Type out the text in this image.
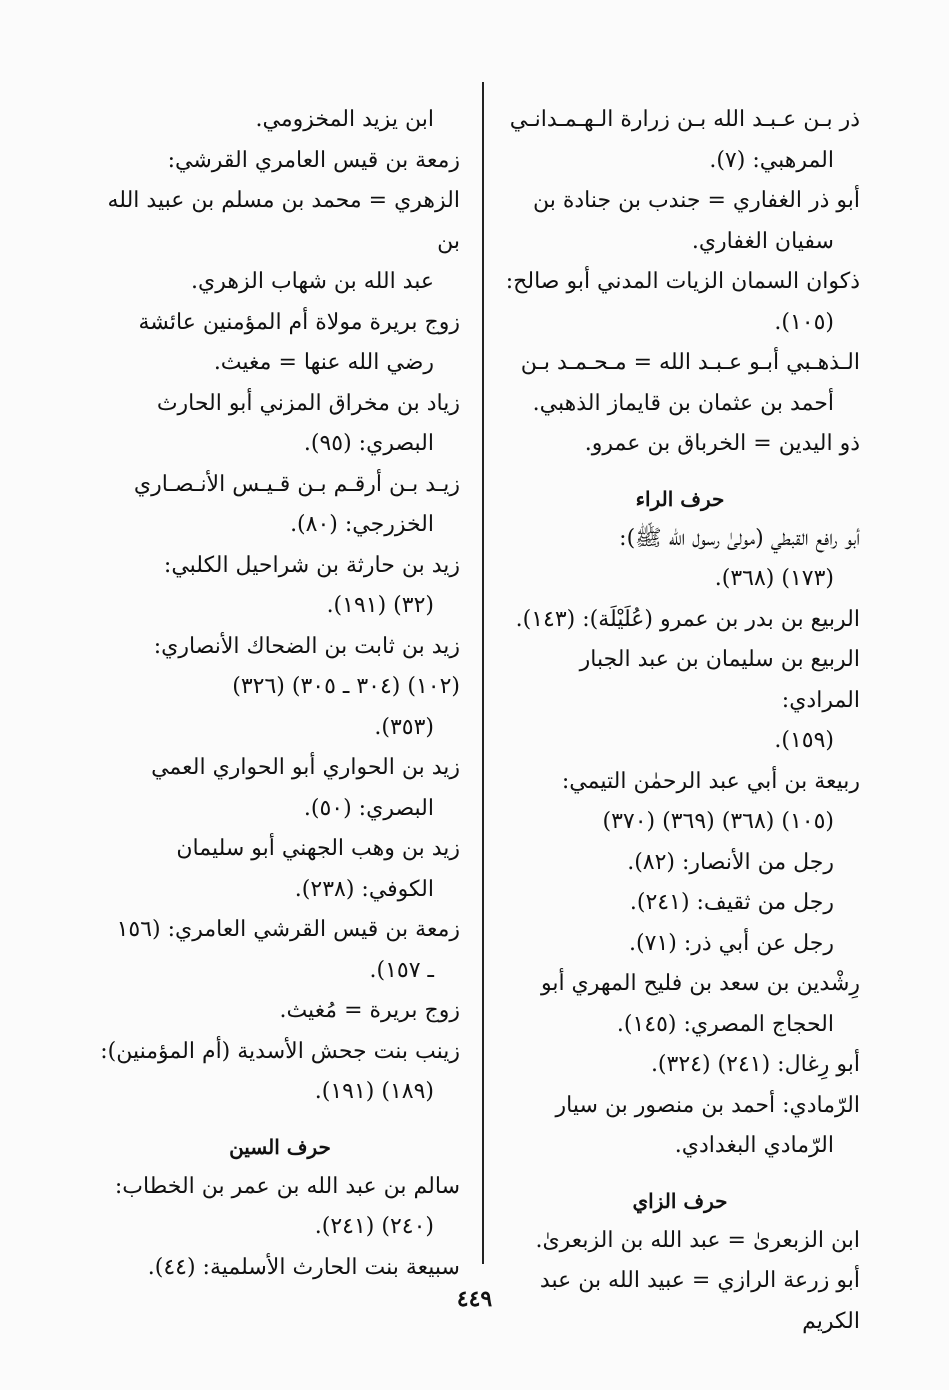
ذر بـن عـبـد الله بـن زرارة الـهـمـدانـي
المرهبي: (٧).
أبو ذر الغفاري = جندب بن جنادة بن
سفيان الغفاري.
ذكوان السمان الزيات المدني أبو صالح:
(١٠٥).
الـذهـبي أبـو عـبـد الله = مـحـمـد بـن
أحمد بن عثمان بن قايماز الذهبي.
ذو اليدين = الخرباق بن عمرو.
حرف الراء
أبو رافع القبطي (مولىٰ رسول الله ﷺ):
(١٧٣) (٣٦٨).
الربيع بن بدر بن عمرو (عُلَيْلَة): (١٤٣).
الربيع بن سليمان بن عبد الجبار المرادي:
(١٥٩).
ربيعة بن أبي عبد الرحمٰن التيمي:
(١٠٥) (٣٦٨) (٣٦٩) (٣٧٠)
رجل من الأنصار: (٨٢).
رجل من ثقيف: (٢٤١).
رجل عن أبي ذر: (٧١).
رِشْدين بن سعد بن فليح المهري أبو
الحجاج المصري: (١٤٥).
أبو رِغال: (٢٤١) (٣٢٤).
الرّمادي: أحمد بن منصور بن سيار
الرّمادي البغدادي.
حرف الزاي
ابن الزبعرىٰ = عبد الله بن الزبعرىٰ.
أبو زرعة الرازي = عبيد الله بن عبد الكريم
ابن يزيد المخزومي.
زمعة بن قيس العامري القرشي:
الزهري = محمد بن مسلم بن عبيد الله بن
عبد الله بن شهاب الزهري.
زوج بريرة مولاة أم المؤمنين عائشة
رضي الله عنها = مغيث.
زياد بن مخراق المزني أبو الحارث
البصري: (٩٥).
زيـد بـن أرقـم بـن قـيـس الأنـصـاري
الخزرجي: (٨٠).
زيد بن حارثة بن شراحيل الكلبي:
(٣٢) (١٩١).
زيد بن ثابت بن الضحاك الأنصاري:
(١٠٢) (٣٠٤ ـ ٣٠٥) (٣٢٦)
(٣٥٣).
زيد بن الحواري أبو الحواري العمي
البصري: (٥٠).
زيد بن وهب الجهني أبو سليمان
الكوفي: (٢٣٨).
زمعة بن قيس القرشي العامري: (١٥٦
ـ ١٥٧).
زوج بريرة = مُغيث.
زينب بنت جحش الأسدية (أم المؤمنين):
(١٨٩) (١٩١).
حرف السين
سالم بن عبد الله بن عمر بن الخطاب:
(٢٤٠) (٢٤١).
سبيعة بنت الحارث الأسلمية: (٤٤).
٤٤٩
